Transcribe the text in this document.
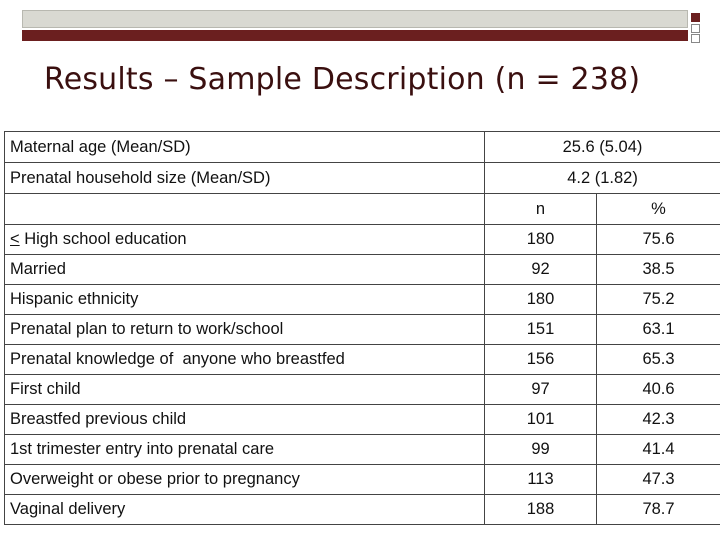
Results – Sample Description (n = 238)
Maternal age (Mean/SD)	25.6 (5.04)	
Prenatal household size (Mean/SD)	4.2 (1.82)	
	n	%
< High school education	180	75.6
Married	92	38.5
Hispanic ethnicity	180	75.2
Prenatal plan to return to work/school	151	63.1
Prenatal knowledge of  anyone who breastfed	156	65.3
First child	97	40.6
Breastfed previous child	101	42.3
1st trimester entry into prenatal care	99	41.4
Overweight or obese prior to pregnancy	113	47.3
Vaginal delivery	188	78.7
